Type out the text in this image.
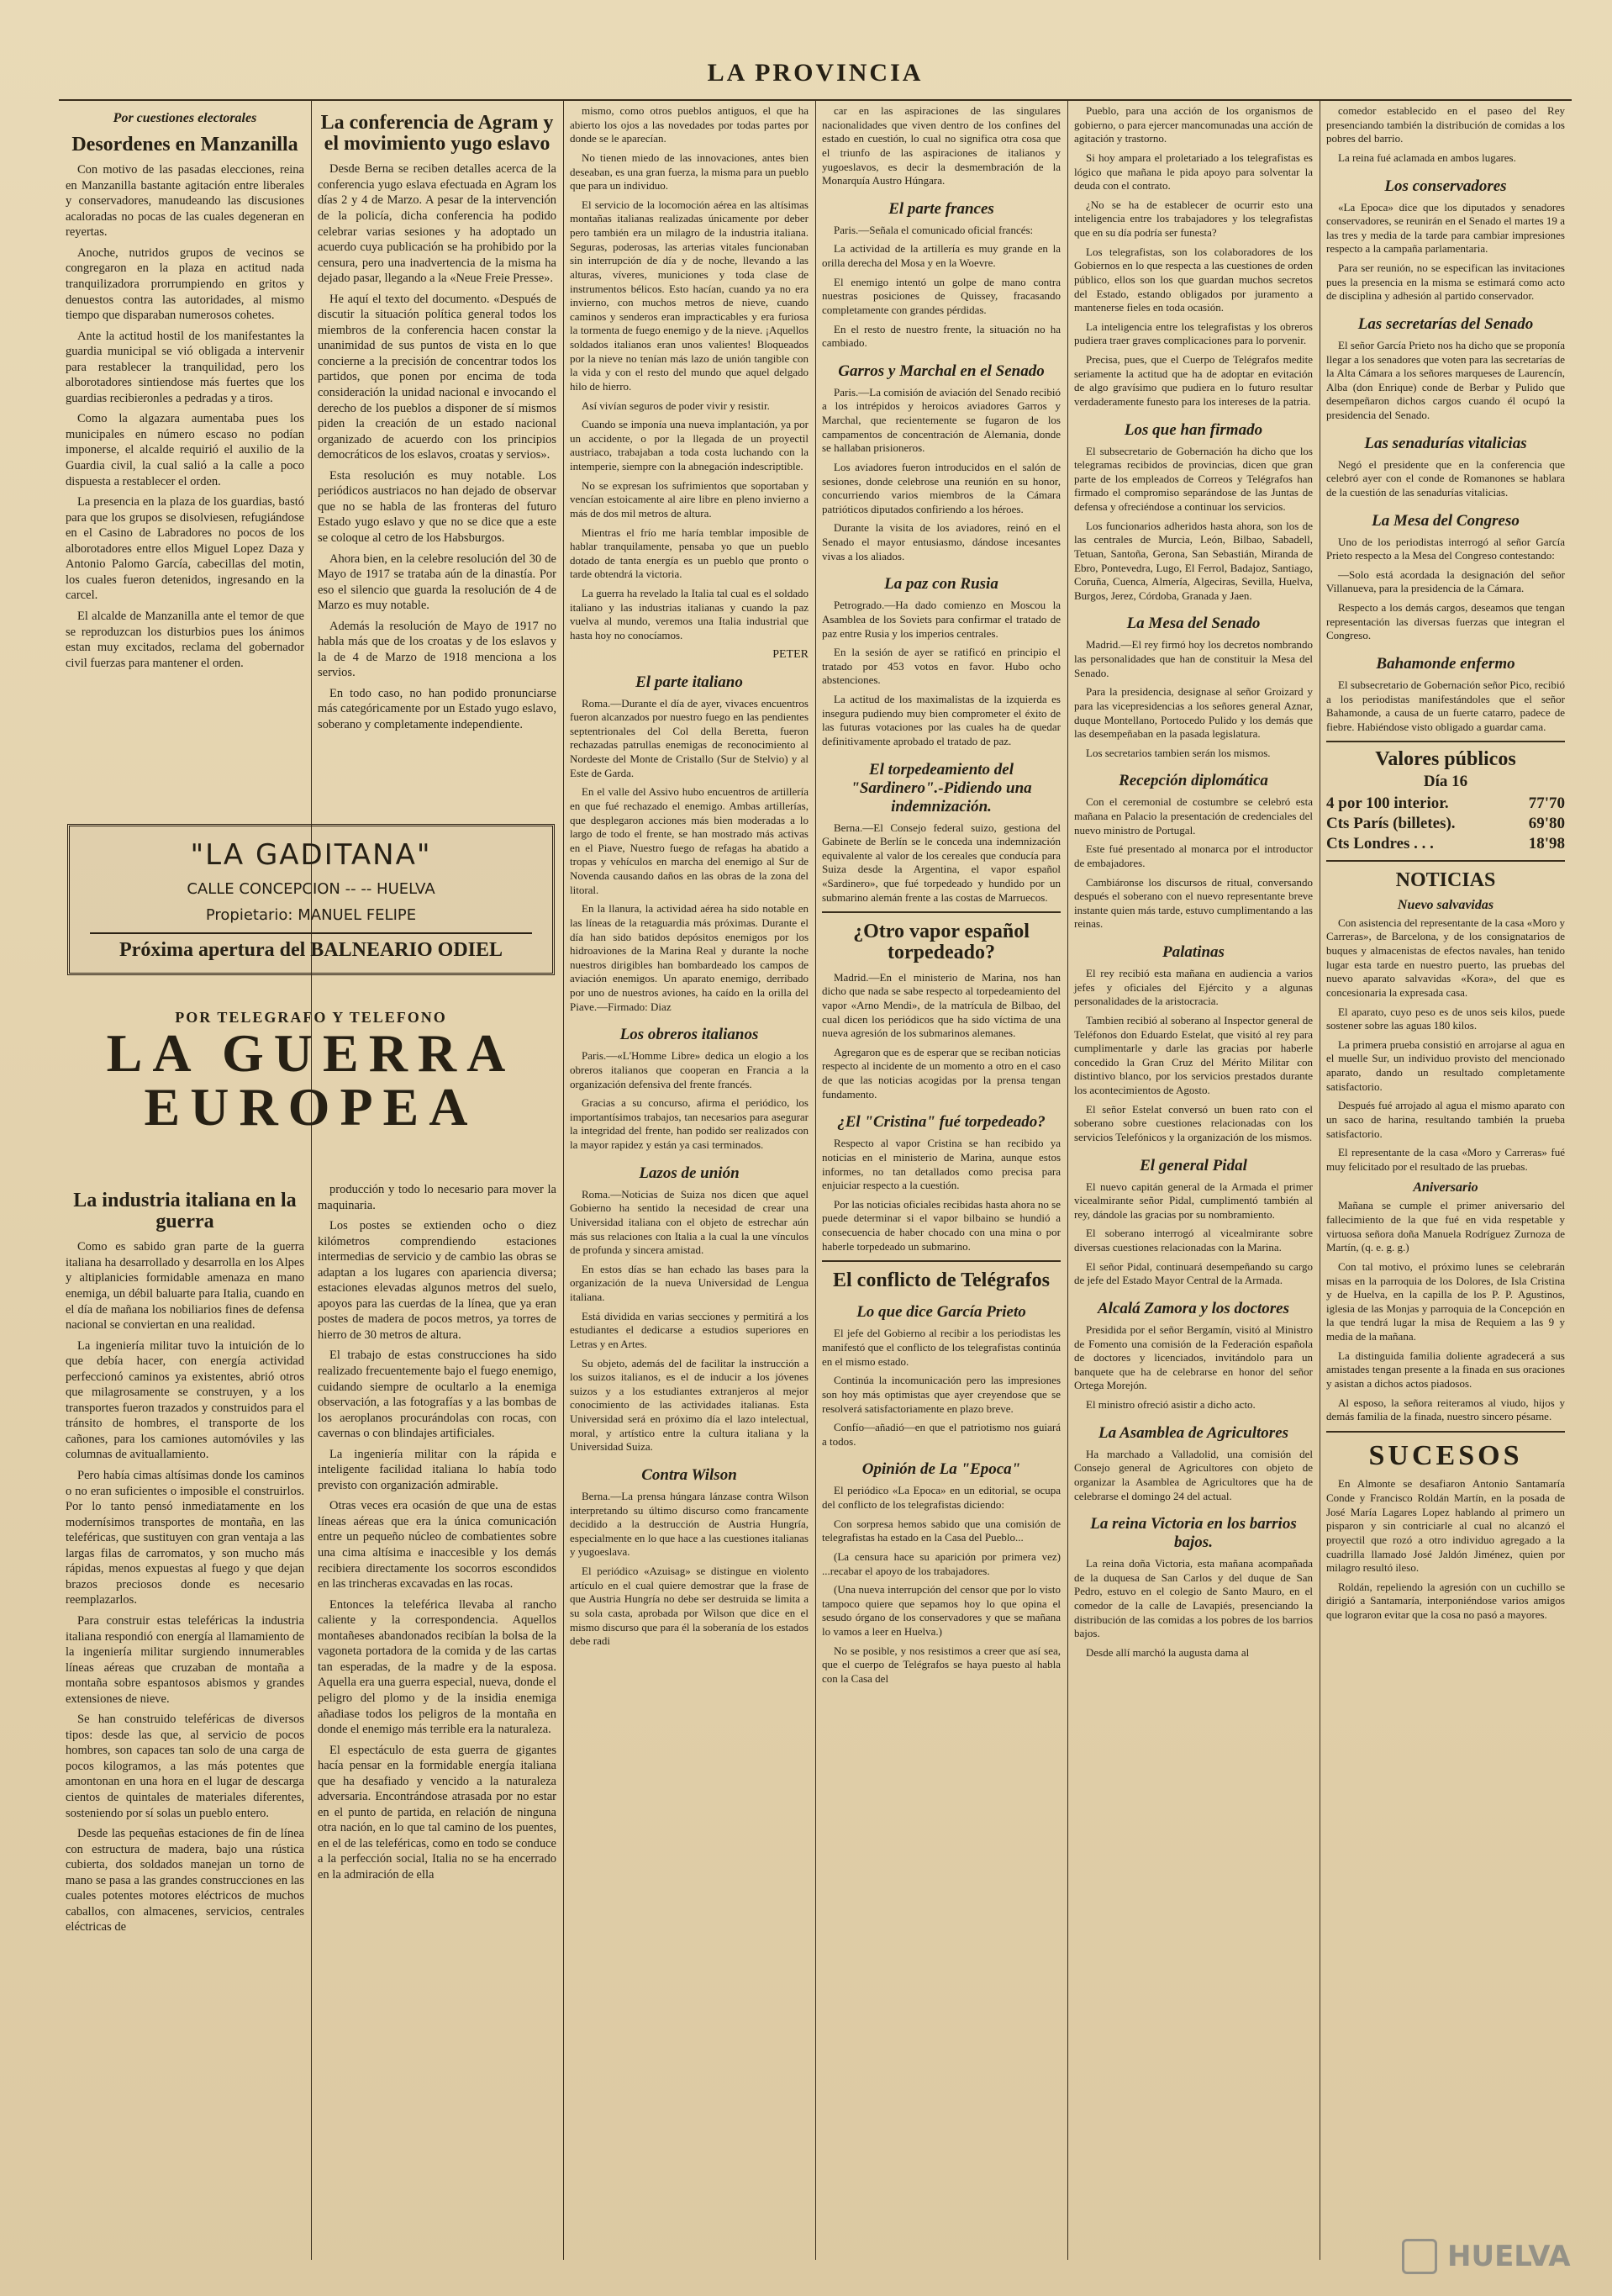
LA PROVINCIA
Por cuestiones electorales
Desordenes en Manzanilla

Con motivo de las pasadas elecciones, reina en Manzanilla bastante agitación entre liberales y conservadores, manudeando las discusiones acaloradas no pocas de las cuales degeneran en reyertas.

Anoche, nutridos grupos de vecinos se congregaron en la plaza en actitud nada tranquilizadora prorrumpiendo en gritos y denuestos contra las autoridades, al mismo tiempo que disparaban numerosos cohetes.

Ante la actitud hostil de los manifestantes la guardia municipal se vió obligada a intervenir para restablecer la tranquilidad, pero los alborotadores sintiendose más fuertes que los guardias recibieronles a pedradas y a tiros.

Como la algazara aumentaba pues los municipales en número escaso no podían imponerse, el alcalde requirió el auxilio de la Guardia civil, la cual salió a la calle a poco dispuesta a restablecer el orden.

La presencia en la plaza de los guardias, bastó para que los grupos se disolviesen, refugiándose en el Casino de Labradores no pocos de los alborotadores entre ellos Miguel Lopez Daza y Antonio Palomo García, cabecillas del motin, los cuales fueron detenidos, ingresando en la carcel.

El alcalde de Manzanilla ante el temor de que se reproduzcan los disturbios pues los ánimos estan muy excitados, reclama del gobernador civil fuerzas para mantener el orden.

"LA GADITANA"
CALLE CONCEPCION -- -- HUELVA
Propietario: MANUEL FELIPE
Próxima apertura del BALNEARIO ODIEL
POR TELEGRAFO Y TELEFONO
LA GUERRA
EUROPEA
La industria italiana en la guerra

Como es sabido gran parte de la guerra italiana ha desarrollado y desarrolla en los Alpes y altiplanicies formidable amenaza en mano enemiga, un débil baluarte para Italia, cuando en el día de mañana los nobiliarios fines de defensa nacional se conviertan en una realidad.

La ingeniería militar tuvo la intuición de lo que debía hacer, con energía actividad perfeccionó caminos ya existentes, abrió otros que milagrosamente se construyen, y a los transportes fueron trazados y construidos para el tránsito de hombres, el transporte de los cañones, para los camiones automóviles y las columnas de avituallamiento.

Pero había cimas altísimas donde los caminos o no eran suficientes o imposible el construirlos. Por lo tanto pensó inmediatamente en los modernísimos transportes de montaña, en las teleféricas, que sustituyen con gran ventaja a las largas filas de carromatos, y son mucho más rápidas, menos expuestas al fuego y que dejan brazos preciosos donde es necesario reemplazarlos.

Para construir estas teleféricas la industria italiana respondió con energía al llamamiento de la ingeniería militar surgiendo innumerables líneas aéreas que cruzaban de montaña a montaña sobre espantosos abismos y grandes extensiones de nieve.

Se han construido teleféricas de diversos tipos: desde las que, al servicio de pocos hombres, son capaces tan solo de una carga de pocos kilogramos, a las más potentes que amontonan en una hora en el lugar de descarga cientos de quintales de materiales diferentes, sosteniendo por sí solas un pueblo entero.

Desde las pequeñas estaciones de fin de línea con estructura de madera, bajo una rústica cubierta, dos soldados manejan un torno de mano se pasa a las grandes construcciones en las cuales potentes motores eléctricos de muchos caballos, con almacenes, servicios, centrales eléctricas de

La conferencia de Agram y el movimiento yugo eslavo

Desde Berna se reciben detalles acerca de la conferencia yugo eslava efectuada en Agram los días 2 y 4 de Marzo. A pesar de la intervención de la policía, dicha conferencia ha podido celebrar varias sesiones y ha adoptado un acuerdo cuya publicación se ha prohibido por la censura, pero una inadvertencia de la misma ha dejado pasar, llegando a la «Neue Freie Presse».

He aquí el texto del documento. «Después de discutir la situación política general todos los miembros de la conferencia hacen constar la unanimidad de sus puntos de vista en lo que concierne a la precisión de concentrar todos los partidos, que ponen por encima de toda consideración la unidad nacional e invocando el derecho de los pueblos a disponer de sí mismos piden la creación de un estado nacional organizado de acuerdo con los principios democráticos de los eslavos, croatas y servios».

Esta resolución es muy notable. Los periódicos austriacos no han dejado de observar que no se habla de las fronteras del futuro Estado yugo eslavo y que no se dice que a este se coloque al cetro de los Habsburgos.

Ahora bien, en la celebre resolución del 30 de Mayo de 1917 se trataba aún de la dinastía. Por eso el silencio que guarda la resolución de 4 de Marzo es muy notable.

Además la resolución de Mayo de 1917 no habla más que de los croatas y de los eslavos y la de 4 de Marzo de 1918 menciona a los servios.

En todo caso, no han podido pronunciarse más categóricamente por un Estado yugo eslavo, soberano y completamente independiente.

producción y todo lo necesario para mover la maquinaria.

Los postes se extienden ocho o diez kilómetros comprendiendo estaciones intermedias de servicio y de cambio las obras se adaptan a los lugares con apariencia diversa; estaciones elevadas algunos metros del suelo, apoyos para las cuerdas de la línea, que ya eran postes de madera de pocos metros, ya torres de hierro de 30 metros de altura.

El trabajo de estas construcciones ha sido realizado frecuentemente bajo el fuego enemigo, cuidando siempre de ocultarlo a la enemiga observación, a las fotografías y a las bombas de los aeroplanos procurándolas con rocas, con cavernas o con blindajes artificiales.

La ingeniería militar con la rápida e inteligente facilidad italiana lo había todo previsto con organización admirable.

Otras veces era ocasión de que una de estas líneas aéreas que era la única comunicación entre un pequeño núcleo de combatientes sobre una cima altísima e inaccesible y los demás recibiera directamente los socorros escondidos en las trincheras excavadas en las rocas.

Entonces la teleférica llevaba al rancho caliente y la correspondencia. Aquellos montañeses abandonados recibían la bolsa de la vagoneta portadora de la comida y de las cartas tan esperadas, de la madre y de la esposa. Aquella era una guerra especial, nueva, donde el peligro del plomo y de la insidia enemiga añadiase todos los peligros de la montaña en donde el enemigo más terrible era la naturaleza.

El espectáculo de esta guerra de gigantes hacía pensar en la formidable energía italiana que ha desafiado y vencido a la naturaleza adversaria. Encontrándose atrasada por no estar en el punto de partida, en relación de ninguna otra nación, en lo que tal camino de los puentes, en el de las teleféricas, como en todo se conduce a la perfección social, Italia no se ha encerrado en la admiración de ella

mismo, como otros pueblos antiguos, el que ha abierto los ojos a las novedades por todas partes por donde se le aparecían.

No tienen miedo de las innovaciones, antes bien deseaban, es una gran fuerza, la misma para un pueblo que para un individuo.

El servicio de la locomoción aérea en las altísimas montañas italianas realizadas únicamente por deber pero también era un milagro de la industria italiana. Seguras, poderosas, las arterias vitales funcionaban sin interrupción de día y de noche, llevando a las alturas, víveres, municiones y toda clase de instrumentos bélicos. Esto hacían, cuando ya no era invierno, con muchos metros de nieve, cuando caminos y senderos eran impracticables y era furiosa la tormenta de fuego enemigo y de la nieve. ¡Aquellos soldados italianos eran unos valientes! Bloqueados por la nieve no tenían más lazo de unión tangible con la vida y con el resto del mundo que aquel delgado hilo de hierro.

Así vivían seguros de poder vivir y resistir.

Cuando se imponía una nueva implantación, ya por un accidente, o por la llegada de un proyectil austriaco, trabajaban a toda costa luchando con la intemperie, siempre con la abnegación indescriptible.

No se expresan los sufrimientos que soportaban y vencían estoicamente al aire libre en pleno invierno a más de dos mil metros de altura.

Mientras el frío me haría temblar imposible de hablar tranquilamente, pensaba yo que un pueblo dotado de tanta energía es un pueblo que pronto o tarde obtendrá la victoria.

La guerra ha revelado la Italia tal cual es el soldado italiano y las industrias italianas y cuando la paz vuelva al mundo, veremos una Italia industrial que hasta hoy no conocíamos.

PETER
El parte italiano

Roma.—Durante el día de ayer, vivaces encuentros fueron alcanzados por nuestro fuego en las pendientes septentrionales del Col della Beretta, fueron rechazadas patrullas enemigas de reconocimiento al Nordeste del Monte de Cristallo (Sur de Stelvio) y al Este de Garda.

En el valle del Assivo hubo encuentros de artillería en que fué rechazado el enemigo. Ambas artillerías, que desplegaron acciones más bien moderadas a lo largo de todo el frente, se han mostrado más activas en el Piave, Nuestro fuego de refagas ha abatido a tropas y vehículos en marcha del enemigo al Sur de Novenda causando daños en las obras de la zona del litoral.

En la llanura, la actividad aérea ha sido notable en las líneas de la retaguardia más próximas. Durante el día han sido batidos depósitos enemigos por los hidroaviones de la Marina Real y durante la noche nuestros dirigibles han bombardeado los campos de aviación enemigos. Un aparato enemigo, derribado por uno de nuestros aviones, ha caído en la orilla del Piave.—Firmado: Diaz

Los obreros italianos

Paris.—«L'Homme Libre» dedica un elogio a los obreros italianos que cooperan en Francia a la organización defensiva del frente francés.

Gracias a su concurso, afirma el periódico, los importantísimos trabajos, tan necesarios para asegurar la integridad del frente, han podido ser realizados con la mayor rapidez y están ya casi terminados.

Lazos de unión

Roma.—Noticias de Suiza nos dicen que aquel Gobierno ha sentido la necesidad de crear una Universidad italiana con el objeto de estrechar aún más sus relaciones con Italia a la cual la une vínculos de profunda y sincera amistad.

En estos días se han echado las bases para la organización de la nueva Universidad de Lengua italiana.

Está dividida en varias secciones y permitirá a los estudiantes el dedicarse a estudios superiores en Letras y en Artes.

Su objeto, además del de facilitar la instrucción a los suizos italianos, es el de inducir a los jóvenes suizos y a los estudiantes extranjeros al mejor conocimiento de las actividades italianas. Esta Universidad será en próximo día el lazo intelectual, moral, y artístico entre la cultura italiana y la Universidad Suiza.

Contra Wilson

Berna.—La prensa húngara lánzase contra Wilson interpretando su último discurso como francamente decidido a la destrucción de Austria Hungría, especialmente en lo que hace a las cuestiones italianas y yugoeslava.

El periódico «Azuisag» se distingue en violento artículo en el cual quiere demostrar que la frase de que Austria Hungría no debe ser destruida se limita a su sola casta, aprobada por Wilson que dice en el mismo discurso que para él la soberanía de los estados debe radi

car en las aspiraciones de las singulares nacionalidades que viven dentro de los confines del estado en cuestión, lo cual no significa otra cosa que el triunfo de las aspiraciones de italianos y yugoeslavos, es decir la desmembración de la Monarquía Austro Húngara.

El parte frances

Paris.—Señala el comunicado oficial francés:

La actividad de la artillería es muy grande en la orilla derecha del Mosa y en la Woevre.

El enemigo intentó un golpe de mano contra nuestras posiciones de Quissey, fracasando completamente con grandes pérdidas.

En el resto de nuestro frente, la situación no ha cambiado.

Garros y Marchal en el Senado

Paris.—La comisión de aviación del Senado recibió a los intrépidos y heroicos aviadores Garros y Marchal, que recientemente se fugaron de los campamentos de concentración de Alemania, donde se hallaban prisioneros.

Los aviadores fueron introducidos en el salón de sesiones, donde celebrose una reunión en su honor, concurriendo varios miembros de la Cámara patrióticos diputados confiriendo a los héroes.

Durante la visita de los aviadores, reinó en el Senado el mayor entusiasmo, dándose incesantes vivas a los aliados.

La paz con Rusia

Petrogrado.—Ha dado comienzo en Moscou la Asamblea de los Soviets para confirmar el tratado de paz entre Rusia y los imperios centrales.

En la sesión de ayer se ratificó en principio el tratado por 453 votos en favor. Hubo ocho abstenciones.

La actitud de los maximalistas de la izquierda es insegura pudiendo muy bien comprometer el éxito de las futuras votaciones por las cuales ha de quedar definitivamente aprobado el tratado de paz.

El torpedeamiento del "Sardinero".-Pidiendo una indemnización.

Berna.—El Consejo federal suizo, gestiona del Gabinete de Berlín se le conceda una indemnización equivalente al valor de los cereales que conducía para Suiza desde la Argentina, el vapor español «Sardinero», que fué torpedeado y hundido por un submarino alemán frente a las costas de Marruecos.

¿Otro vapor español torpedeado?

Madrid.—En el ministerio de Marina, nos han dicho que nada se sabe respecto al torpedeamiento del vapor «Arno Mendi», de la matrícula de Bilbao, del cual dicen los periódicos que ha sido víctima de una nueva agresión de los submarinos alemanes.

Agregaron que es de esperar que se reciban noticias respecto al incidente de un momento a otro en el caso de que las noticias acogidas por la prensa tengan fundamento.

¿El "Cristina" fué torpedeado?

Respecto al vapor Cristina se han recibido ya noticias en el ministerio de Marina, aunque estos informes, no tan detallados como precisa para enjuiciar respecto a la cuestión.

Por las noticias oficiales recibidas hasta ahora no se puede determinar si el vapor bilbaino se hundió a consecuencia de haber chocado con una mina o por haberle torpedeado un submarino.

El conflicto de Telégrafos
Lo que dice García Prieto

El jefe del Gobierno al recibir a los periodistas les manifestó que el conflicto de los telegrafistas continúa en el mismo estado.

Continúa la incomunicación pero las impresiones son hoy más optimistas que ayer creyendose que se resolverá satisfactoriamente en plazo breve.

Confío—añadió—en que el patriotismo nos guiará a todos.

Opinión de La "Epoca"

El periódico «La Epoca» en un editorial, se ocupa del conflicto de los telegrafistas diciendo:

Con sorpresa hemos sabido que una comisión de telegrafistas ha estado en la Casa del Pueblo...

(La censura hace su aparición por primera vez) ...recabar el apoyo de los trabajadores.

(Una nueva interrupción del censor que por lo visto tampoco quiere que sepamos hoy lo que opina el sesudo órgano de los conservadores y que se mañana lo vamos a leer en Huelva.)

No se posible, y nos resistimos a creer que así sea, que el cuerpo de Telégrafos se haya puesto al habla con la Casa del

Pueblo, para una acción de los organismos de gobierno, o para ejercer mancomunadas una acción de agitación y trastorno.

Si hoy ampara el proletariado a los telegrafistas es lógico que mañana le pida apoyo para solventar la deuda con el contrato.

¿No se ha de establecer de ocurrir esto una inteligencia entre los trabajadores y los telegrafistas que en su día podría ser funesta?

Los telegrafistas, son los colaboradores de los Gobiernos en lo que respecta a las cuestiones de orden público, ellos son los que guardan muchos secretos del Estado, estando obligados por juramento a mantenerse fieles en toda ocasión.

La inteligencia entre los telegrafistas y los obreros pudiera traer graves complicaciones para lo porvenir.

Precisa, pues, que el Cuerpo de Telégrafos medite seriamente la actitud que ha de adoptar en evitación de algo gravísimo que pudiera en lo futuro resultar verdaderamente funesto para los intereses de la patria.

Los que han firmado

El subsecretario de Gobernación ha dicho que los telegramas recibidos de provincias, dicen que gran parte de los empleados de Correos y Telégrafos han firmado el compromiso separándose de las Juntas de defensa y ofreciéndose a continuar los servicios.

Los funcionarios adheridos hasta ahora, son los de las centrales de Murcia, León, Bilbao, Sabadell, Tetuan, Santoña, Gerona, San Sebastián, Miranda de Ebro, Pontevedra, Lugo, El Ferrol, Badajoz, Santiago, Coruña, Cuenca, Almería, Algeciras, Sevilla, Huelva, Burgos, Jerez, Córdoba, Granada y Jaen.

La Mesa del Senado

Madrid.—El rey firmó hoy los decretos nombrando las personalidades que han de constituir la Mesa del Senado.

Para la presidencia, designase al señor Groizard y para las vicepresidencias a los señores general Aznar, duque Montellano, Portocedo Pulido y los demás que las desempeñaban en la pasada legislatura.

Los secretarios tambien serán los mismos.

Recepción diplomática

Con el ceremonial de costumbre se celebró esta mañana en Palacio la presentación de credenciales del nuevo ministro de Portugal.

Este fué presentado al monarca por el introductor de embajadores.

Cambiáronse los discursos de ritual, conversando después el soberano con el nuevo representante breve instante quien más tarde, estuvo cumplimentando a las reinas.

Palatinas

El rey recibió esta mañana en audiencia a varios jefes y oficiales del Ejército y a algunas personalidades de la aristocracia.

Tambien recibió al soberano al Inspector general de Teléfonos don Eduardo Estelat, que visitó al rey para cumplimentarle y darle las gracias por haberle concedido la Gran Cruz del Mérito Militar con distintivo blanco, por los servicios prestados durante los acontecimientos de Agosto.

El señor Estelat conversó un buen rato con el soberano sobre cuestiones relacionadas con los servicios Telefónicos y la organización de los mismos.

El general Pidal

El nuevo capitán general de la Armada el primer vicealmirante señor Pidal, cumplimentó también al rey, dándole las gracias por su nombramiento.

El soberano interrogó al vicealmirante sobre diversas cuestiones relacionadas con la Marina.

El señor Pidal, continuará desempeñando su cargo de jefe del Estado Mayor Central de la Armada.

Alcalá Zamora y los doctores

Presidida por el señor Bergamín, visitó al Ministro de Fomento una comisión de la Federación española de doctores y licenciados, invitándolo para un banquete que ha de celebrarse en honor del señor Ortega Morejón.

El ministro ofreció asistir a dicho acto.

La Asamblea de Agricultores

Ha marchado a Valladolid, una comisión del Consejo general de Agricultores con objeto de organizar la Asamblea de Agricultores que ha de celebrarse el domingo 24 del actual.

La reina Victoria en los barrios bajos.

La reina doña Victoria, esta mañana acompañada de la duquesa de San Carlos y del duque de San Pedro, estuvo en el colegio de Santo Mauro, en el comedor de la calle de Lavapiés, presenciando la distribución de las comidas a los pobres de los barrios bajos.

Desde allí marchó la augusta dama al

comedor establecido en el paseo del Rey presenciando también la distribución de comidas a los pobres del barrio.

La reina fué aclamada en ambos lugares.

Los conservadores

«La Epoca» dice que los diputados y senadores conservadores, se reunirán en el Senado el martes 19 a las tres y media de la tarde para cambiar impresiones respecto a la campaña parlamentaria.

Para ser reunión, no se especifican las invitaciones pues la presencia en la misma se estimará como acto de disciplina y adhesión al partido conservador.

Las secretarías del Senado

El señor García Prieto nos ha dicho que se proponía llegar a los senadores que voten para las secretarías de la Alta Cámara a los señores marqueses de Laurencín, Alba (don Enrique) conde de Berbar y Pulido que desempeñaron dichos cargos cuando él ocupó la presidencia del Senado.

Las senadurías vitalicias

Negó el presidente que en la conferencia que celebró ayer con el conde de Romanones se hablara de la cuestión de las senadurías vitalicias.

La Mesa del Congreso

Uno de los periodistas interrogó al señor García Prieto respecto a la Mesa del Congreso contestando:

—Solo está acordada la designación del señor Villanueva, para la presidencia de la Cámara.

Respecto a los demás cargos, deseamos que tengan representación las diversas fuerzas que integran el Congreso.

Bahamonde enfermo

El subsecretario de Gobernación señor Pico, recibió a los periodistas manifestándoles que el señor Bahamonde, a causa de un fuerte catarro, padece de fiebre. Habiéndose visto obligado a guardar cama.

Valores públicos
Día 16
4 por 100 interior.	77'70
Cts París (billetes).	69'80
Cts Londres . . .	18'98
NOTICIAS
Nuevo salvavidas

Con asistencia del representante de la casa «Moro y Carreras», de Barcelona, y de los consignatarios de buques y almacenistas de efectos navales, han tenido lugar esta tarde en nuestro puerto, las pruebas del nuevo aparato salvavidas «Kora», del que es concesionaria la expresada casa.

El aparato, cuyo peso es de unos seis kilos, puede sostener sobre las aguas 180 kilos.

La primera prueba consistió en arrojarse al agua en el muelle Sur, un individuo provisto del mencionado aparato, dando un resultado completamente satisfactorio.

Después fué arrojado al agua el mismo aparato con un saco de harina, resultando también la prueba satisfactorio.

El representante de la casa «Moro y Carreras» fué muy felicitado por el resultado de las pruebas.

Aniversario

Mañana se cumple el primer aniversario del fallecimiento de la que fué en vida respetable y virtuosa señora doña Manuela Rodríguez Zurnoza de Martín, (q. e. g. g.)

Con tal motivo, el próximo lunes se celebrarán misas en la parroquia de los Dolores, de Isla Cristina y de Huelva, en la capilla de los P. P. Agustinos, iglesia de las Monjas y parroquia de la Concepción en la que tendrá lugar la misa de Requiem a las 9 y media de la mañana.

La distinguida familia doliente agradecerá a sus amistades tengan presente a la finada en sus oraciones y asistan a dichos actos piadosos.

Al esposo, la señora reiteramos al viudo, hijos y demás familia de la finada, nuestro sincero pésame.

SUCESOS

En Almonte se desafiaron Antonio Santamaría Conde y Francisco Roldán Martín, en la posada de José María Lagares Lopez hablando al primero un pisparon y sin contriciarle al cual no alcanzó el proyectil que rozó a otro individuo agregado a la cuadrilla llamado José Jaldón Jiménez, quien por milagro resultó ileso.

Roldán, repeliendo la agresión con un cuchillo se dirigió a Santamaría, interponiéndose varios amigos que lograron evitar que la cosa no pasó a mayores.

HUELVA
